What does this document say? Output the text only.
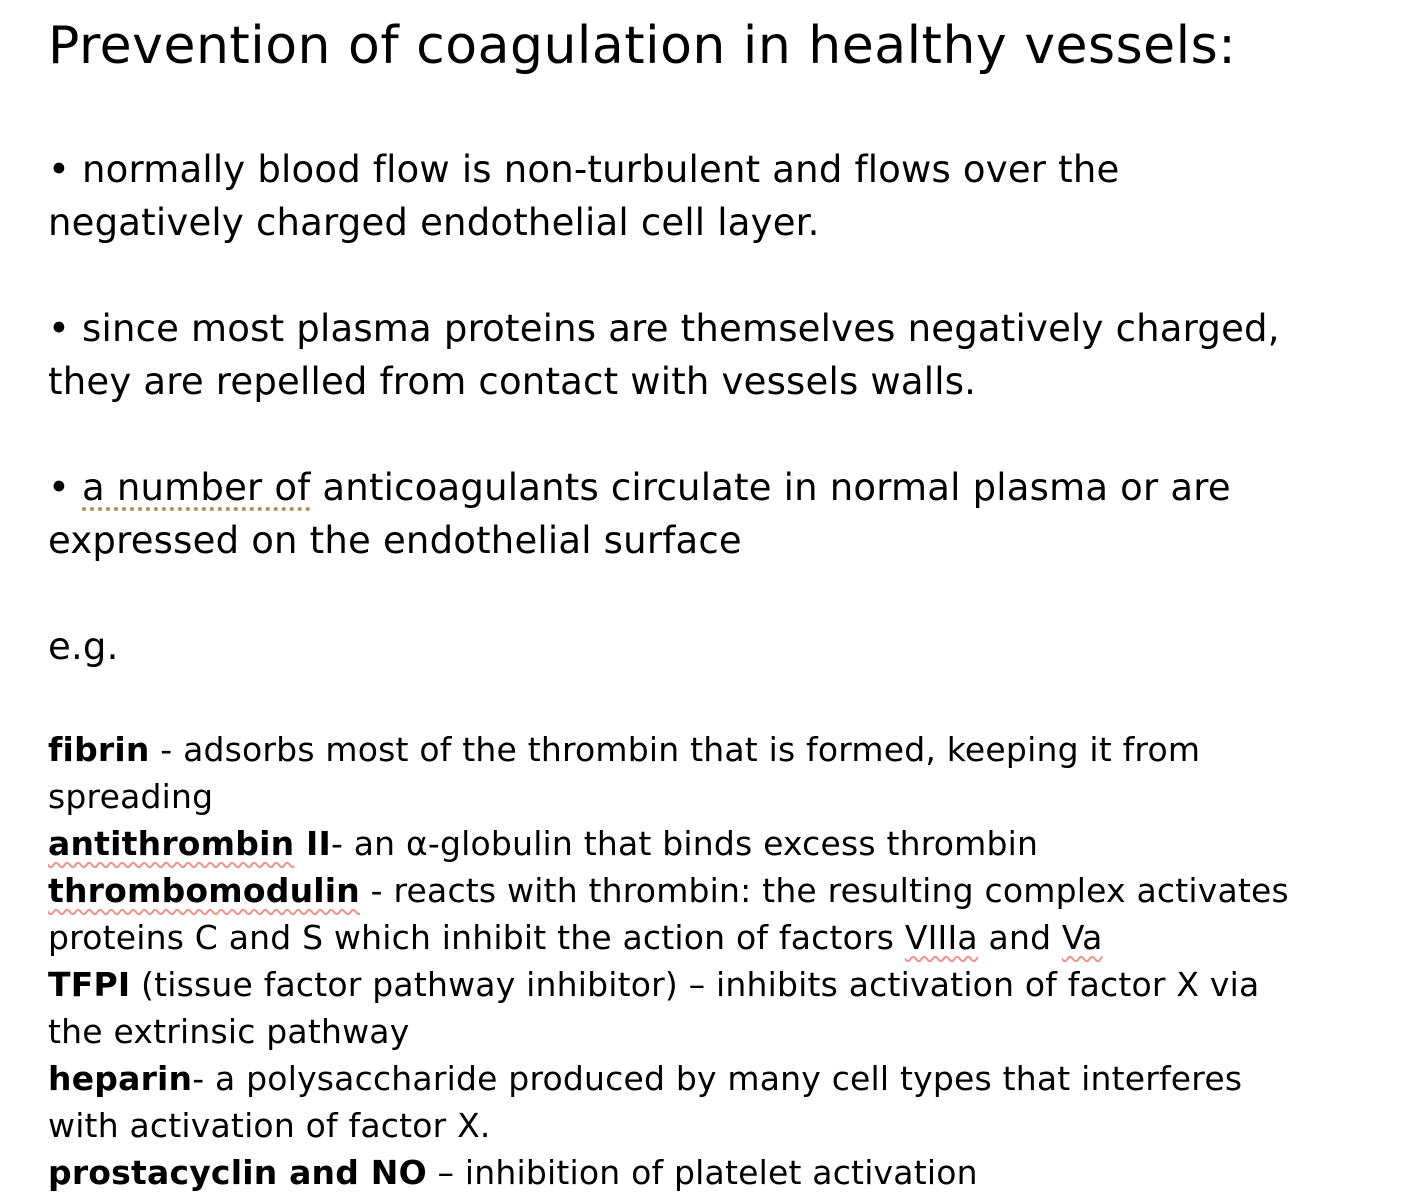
Prevention of coagulation in healthy vessels:
• normally blood flow is non-turbulent and flows over the
negatively charged endothelial cell layer.
• since most plasma proteins are themselves negatively charged,
they are repelled from contact with vessels walls.
• a number of anticoagulants circulate in normal plasma or are
expressed on the endothelial surface
e.g.
fibrin - adsorbs most of the thrombin that is formed, keeping it from
spreading
antithrombin II- an α-globulin that binds excess thrombin
thrombomodulin - reacts with thrombin: the resulting complex activates
proteins C and S which inhibit the action of factors VIIIa and Va
TFPI (tissue factor pathway inhibitor) – inhibits activation of factor X via
the extrinsic pathway
heparin- a polysaccharide produced by many cell types that interferes
with activation of factor X.
prostacyclin and NO – inhibition of platelet activation
